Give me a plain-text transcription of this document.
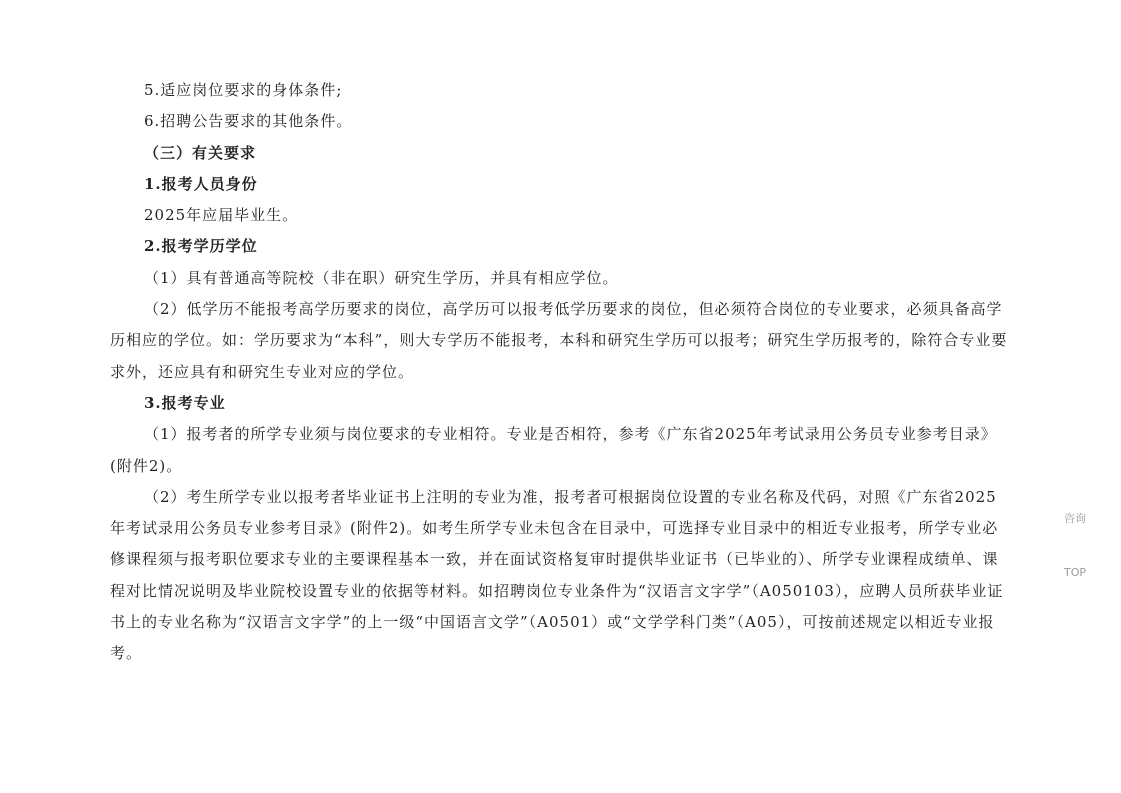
5.适应岗位要求的身体条件;

6.招聘公告要求的其他条件。

（三）有关要求

1.报考人员身份

2025年应届毕业生。

2.报考学历学位

（1）具有普通高等院校（非在职）研究生学历，并具有相应学位。

（2）低学历不能报考高学历要求的岗位，高学历可以报考低学历要求的岗位，但必须符合岗位的专业要求，必须具备高学历相应的学位。如：学历要求为“本科”，则大专学历不能报考，本科和研究生学历可以报考；研究生学历报考的，除符合专业要求外，还应具有和研究生专业对应的学位。

3.报考专业

（1）报考者的所学专业须与岗位要求的专业相符。专业是否相符，参考《广东省2025年考试录用公务员专业参考目录》(附件2)。

（2）考生所学专业以报考者毕业证书上注明的专业为准，报考者可根据岗位设置的专业名称及代码，对照《广东省2025年考试录用公务员专业参考目录》(附件2)。如考生所学专业未包含在目录中，可选择专业目录中的相近专业报考，所学专业必修课程须与报考职位要求专业的主要课程基本一致，并在面试资格复审时提供毕业证书（已毕业的）、所学专业课程成绩单、课程对比情况说明及毕业院校设置专业的依据等材料。如招聘岗位专业条件为“汉语言文字学”（A050103），应聘人员所获毕业证书上的专业名称为“汉语言文字学”的上一级“中国语言文学”（A0501）或“文学学科门类”（A05），可按前述规定以相近专业报考。

咨询
TOP
